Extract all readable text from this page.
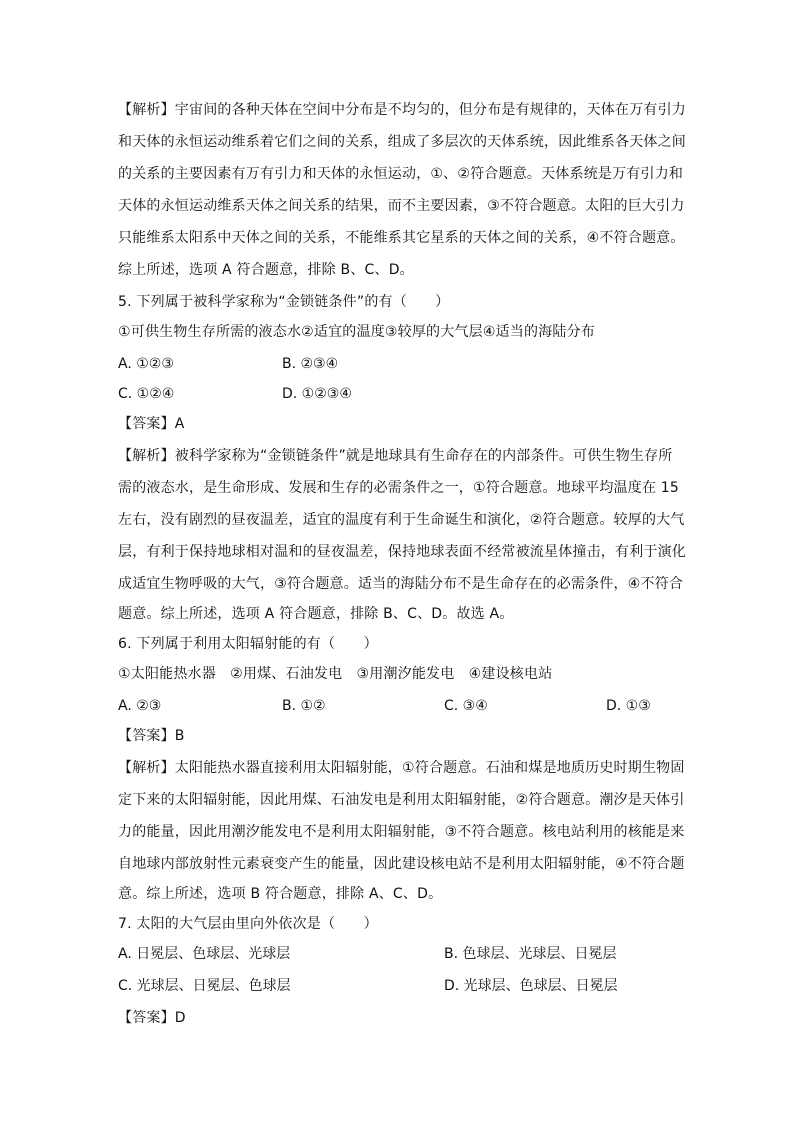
【解析】宇宙间的各种天体在空间中分布是不均匀的，但分布是有规律的，天体在万有引力
和天体的永恒运动维系着它们之间的关系，组成了多层次的天体系统，因此维系各天体之间
的关系的主要因素有万有引力和天体的永恒运动，①、②符合题意。天体系统是万有引力和
天体的永恒运动维系天体之间关系的结果，而不主要因素，③不符合题意。太阳的巨大引力
只能维系太阳系中天体之间的关系，不能维系其它星系的天体之间的关系，④不符合题意。
综上所述，选项 A 符合题意，排除 B、C、D。
5. 下列属于被科学家称为“金锁链条件”的有（　　）
①可供生物生存所需的液态水②适宜的温度③较厚的大气层④适当的海陆分布
A. ①②③	B. ②③④
C. ①②④	D. ①②③④
【答案】A
【解析】被科学家称为“金锁链条件”就是地球具有生命存在的内部条件。可供生物生存所
需的液态水，是生命形成、发展和生存的必需条件之一，①符合题意。地球平均温度在 15
左右，没有剧烈的昼夜温差，适宜的温度有利于生命诞生和演化，②符合题意。较厚的大气
层，有利于保持地球相对温和的昼夜温差，保持地球表面不经常被流星体撞击，有利于演化
成适宜生物呼吸的大气，③符合题意。适当的海陆分布不是生命存在的必需条件，④不符合
题意。综上所述，选项 A 符合题意，排除 B、C、D。故选 A。
6. 下列属于利用太阳辐射能的有（　　）
①太阳能热水器　②用煤、石油发电　③用潮汐能发电　④建设核电站
A. ②③	B. ①②	C. ③④	D. ①③
【答案】B
【解析】太阳能热水器直接利用太阳辐射能，①符合题意。石油和煤是地质历史时期生物固
定下来的太阳辐射能，因此用煤、石油发电是利用太阳辐射能，②符合题意。潮汐是天体引
力的能量，因此用潮汐能发电不是利用太阳辐射能，③不符合题意。核电站利用的核能是来
自地球内部放射性元素衰变产生的能量，因此建设核电站不是利用太阳辐射能，④不符合题
意。综上所述，选项 B 符合题意，排除 A、C、D。
7. 太阳的大气层由里向外依次是（　　）
A. 日冕层、色球层、光球层	B. 色球层、光球层、日冕层
C. 光球层、日冕层、色球层	D. 光球层、色球层、日冕层
【答案】D
